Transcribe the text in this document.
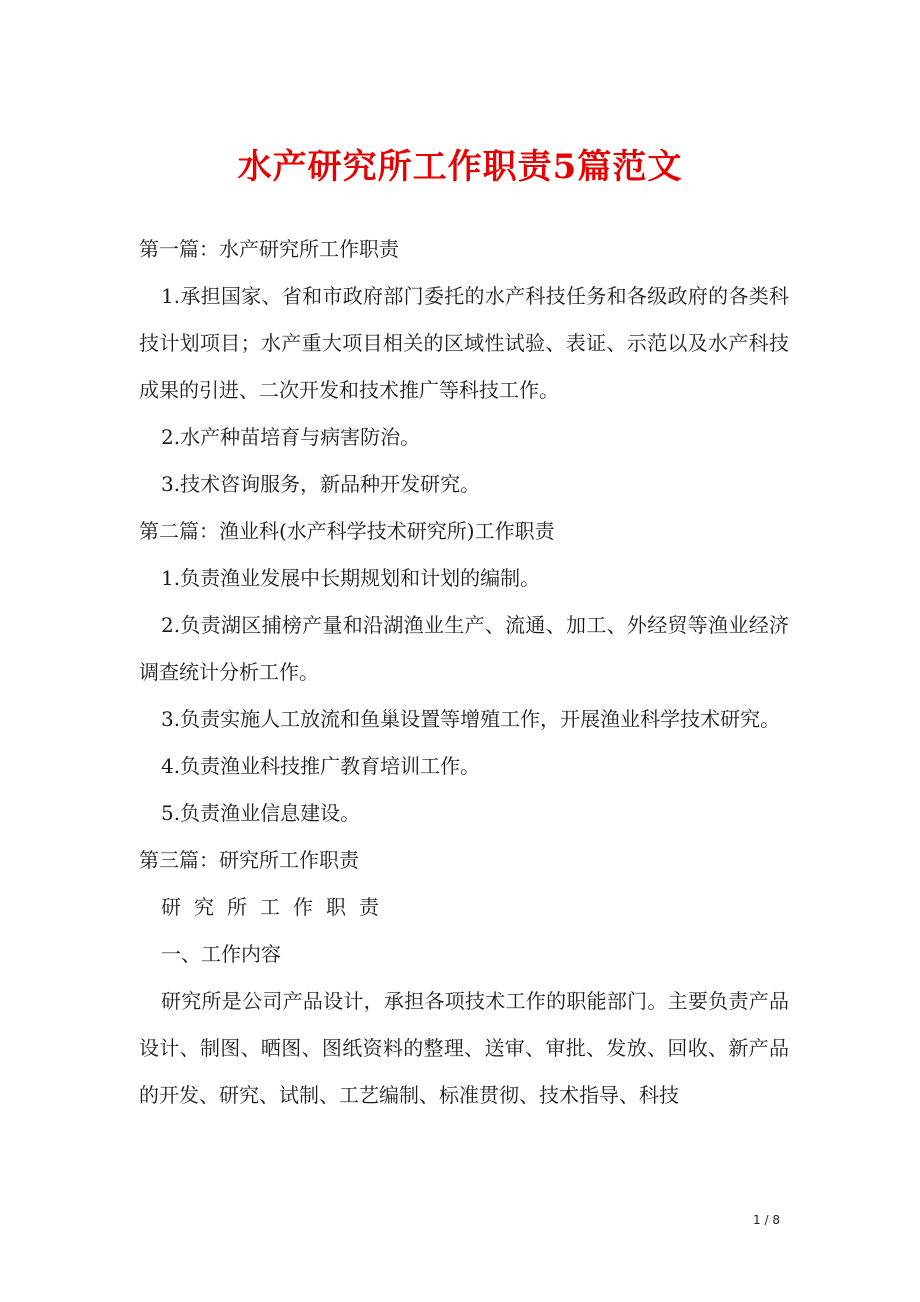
水产研究所工作职责5篇范文

第一篇：水产研究所工作职责

1.承担国家、省和市政府部门委托的水产科技任务和各级政府的各类科技计划项目；水产重大项目相关的区域性试验、表证、示范以及水产科技成果的引进、二次开发和技术推广等科技工作。

2.水产种苗培育与病害防治。

3.技术咨询服务，新品种开发研究。

第二篇：渔业科(水产科学技术研究所)工作职责

1.负责渔业发展中长期规划和计划的编制。

2.负责湖区捕榜产量和沿湖渔业生产、流通、加工、外经贸等渔业经济调查统计分析工作。

3.负责实施人工放流和鱼巢设置等增殖工作，开展渔业科学技术研究。

4.负责渔业科技推广教育培训工作。

5.负责渔业信息建设。

第三篇：研究所工作职责

研究所工作职责

一、工作内容

研究所是公司产品设计，承担各项技术工作的职能部门。主要负责产品设计、制图、晒图、图纸资料的整理、送审、审批、发放、回收、新产品的开发、研究、试制、工艺编制、标准贯彻、技术指导、科技

1 / 8
